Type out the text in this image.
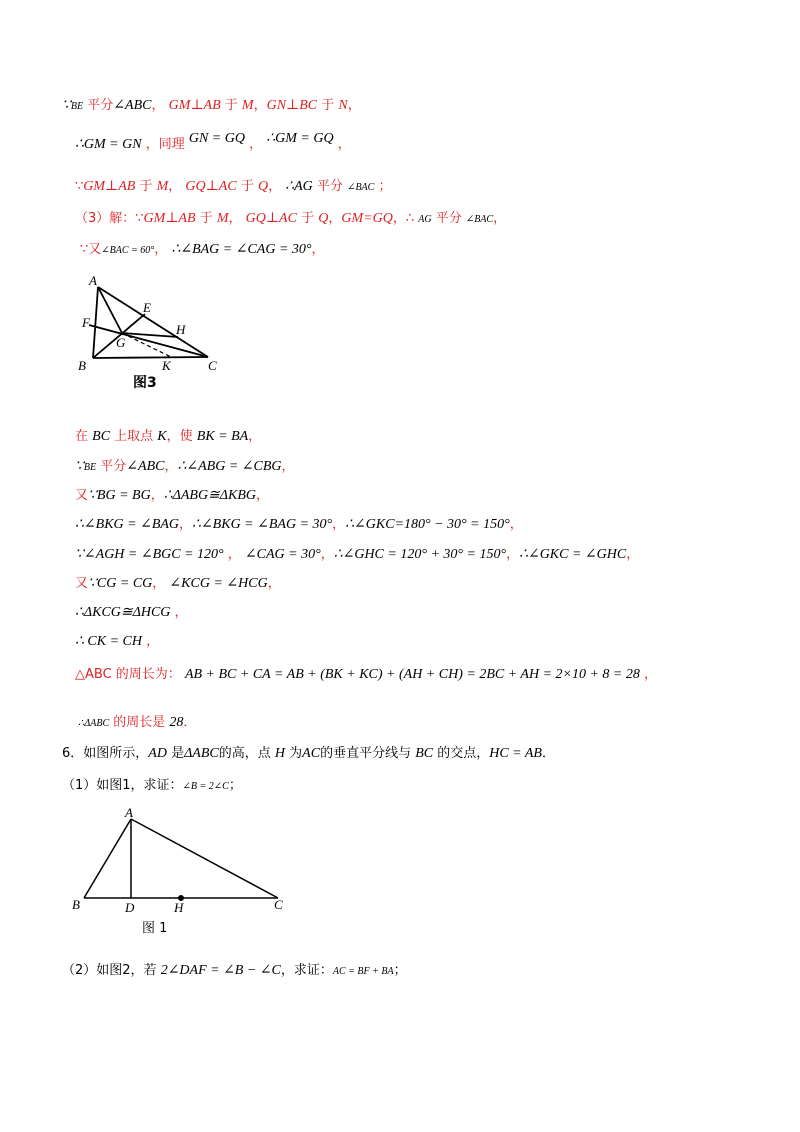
∵BE 平分∠ABC， GM⊥AB 于 M，GN⊥BC 于 N，
∴GM = GN ，同理 GN = GQ ， ∴GM = GQ ，
∵GM⊥AB 于 M， GQ⊥AC 于 Q， ∴AG 平分 ∠BAC ；
（3）解：∵GM⊥AB 于 M， GQ⊥AC 于 Q，GM=GQ，∴ AG 平分 ∠BAC，
∵又∠BAC = 60°， ∴∠BAG = ∠CAG = 30°，
在 BC 上取点 K，使 BK = BA，
∵BE 平分∠ABC，∴∠ABG = ∠CBG，
又∵BG = BG，∴ΔABG≅ΔKBG，
∴∠BKG = ∠BAG，∴∠BKG = ∠BAG = 30°，∴∠GKC=180° − 30° = 150°，
∵∠AGH = ∠BGC = 120° ， ∠CAG = 30°，∴∠GHC = 120° + 30° = 150°，∴∠GKC = ∠GHC，
又∵CG = CG， ∠KCG = ∠HCG，
∴ΔKCG≅ΔHCG ，
∴ CK = CH ，
△ABC 的周长为： AB + BC + CA = AB + (BK + KC) + (AH + CH) = 2BC + AH = 2×10 + 8 = 28 ，
∴ΔABC 的周长是 28．
6．如图所示，AD 是ΔABC的高，点 H 为AC的垂直平分线与 BC 的交点，HC = AB．
（1）如图1，求证：∠B = 2∠C；
（2）如图2，若 2∠DAF = ∠B − ∠C，求证：AC = BF + BA；
A
E
F	H
G
B	K	C
图3
A
B	D	H	C
图 1
